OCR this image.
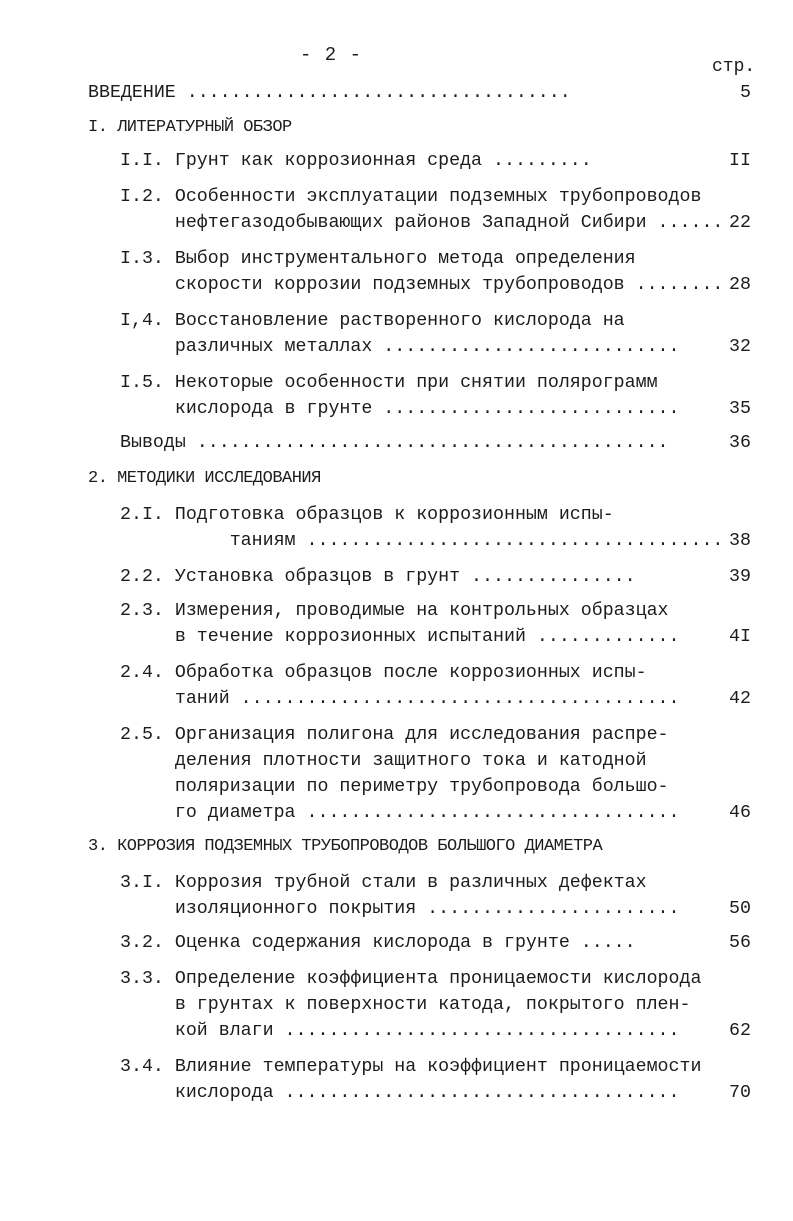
- 2 -
стр.
ВВЕДЕНИЕ ...................................	5
I. ЛИТЕРАТУРНЫЙ ОБЗОР
I.I. Грунт как коррозионная среда .........	II
I.2. Особенности эксплуатации подземных трубопроводов
нефтегазодобывающих районов Западной Сибири ...... 22
I.3. Выбор инструментального метода определения
скорости коррозии подземных трубопроводов ........ 28
I,4. Восстановление растворенного кислорода на
различных металлах ...........................	32
I.5. Некоторые особенности при снятии полярограмм
кислорода в грунте ...........................	35
Выводы ...........................................	36
2. МЕТОДИКИ ИССЛЕДОВАНИЯ
2.I. Подготовка образцов к коррозионным испы-
таниям ...................................... 38
2.2. Установка образцов в грунт ...............	39
2.3. Измерения, проводимые на контрольных образцах
в течение коррозионных испытаний .............	4I
2.4. Обработка образцов после коррозионных испы-
таний ........................................	42
2.5. Организация полигона для исследования распре-
деления плотности защитного тока и катодной
поляризации по периметру трубопровода большо-
го диаметра ..................................	46
3. КОРРОЗИЯ ПОДЗЕМНЫХ ТРУБОПРОВОДОВ БОЛЬШОГО ДИАМЕТРА
3.I. Коррозия трубной стали в различных дефектах
изоляционного покрытия .......................	50
3.2. Оценка содержания кислорода в грунте .....	56
3.3. Определение коэффициента проницаемости кислорода
в грунтах к поверхности катода, покрытого плен-
кой влаги ....................................	62
3.4. Влияние температуры на коэффициент проницаемости
кислорода ....................................	70
